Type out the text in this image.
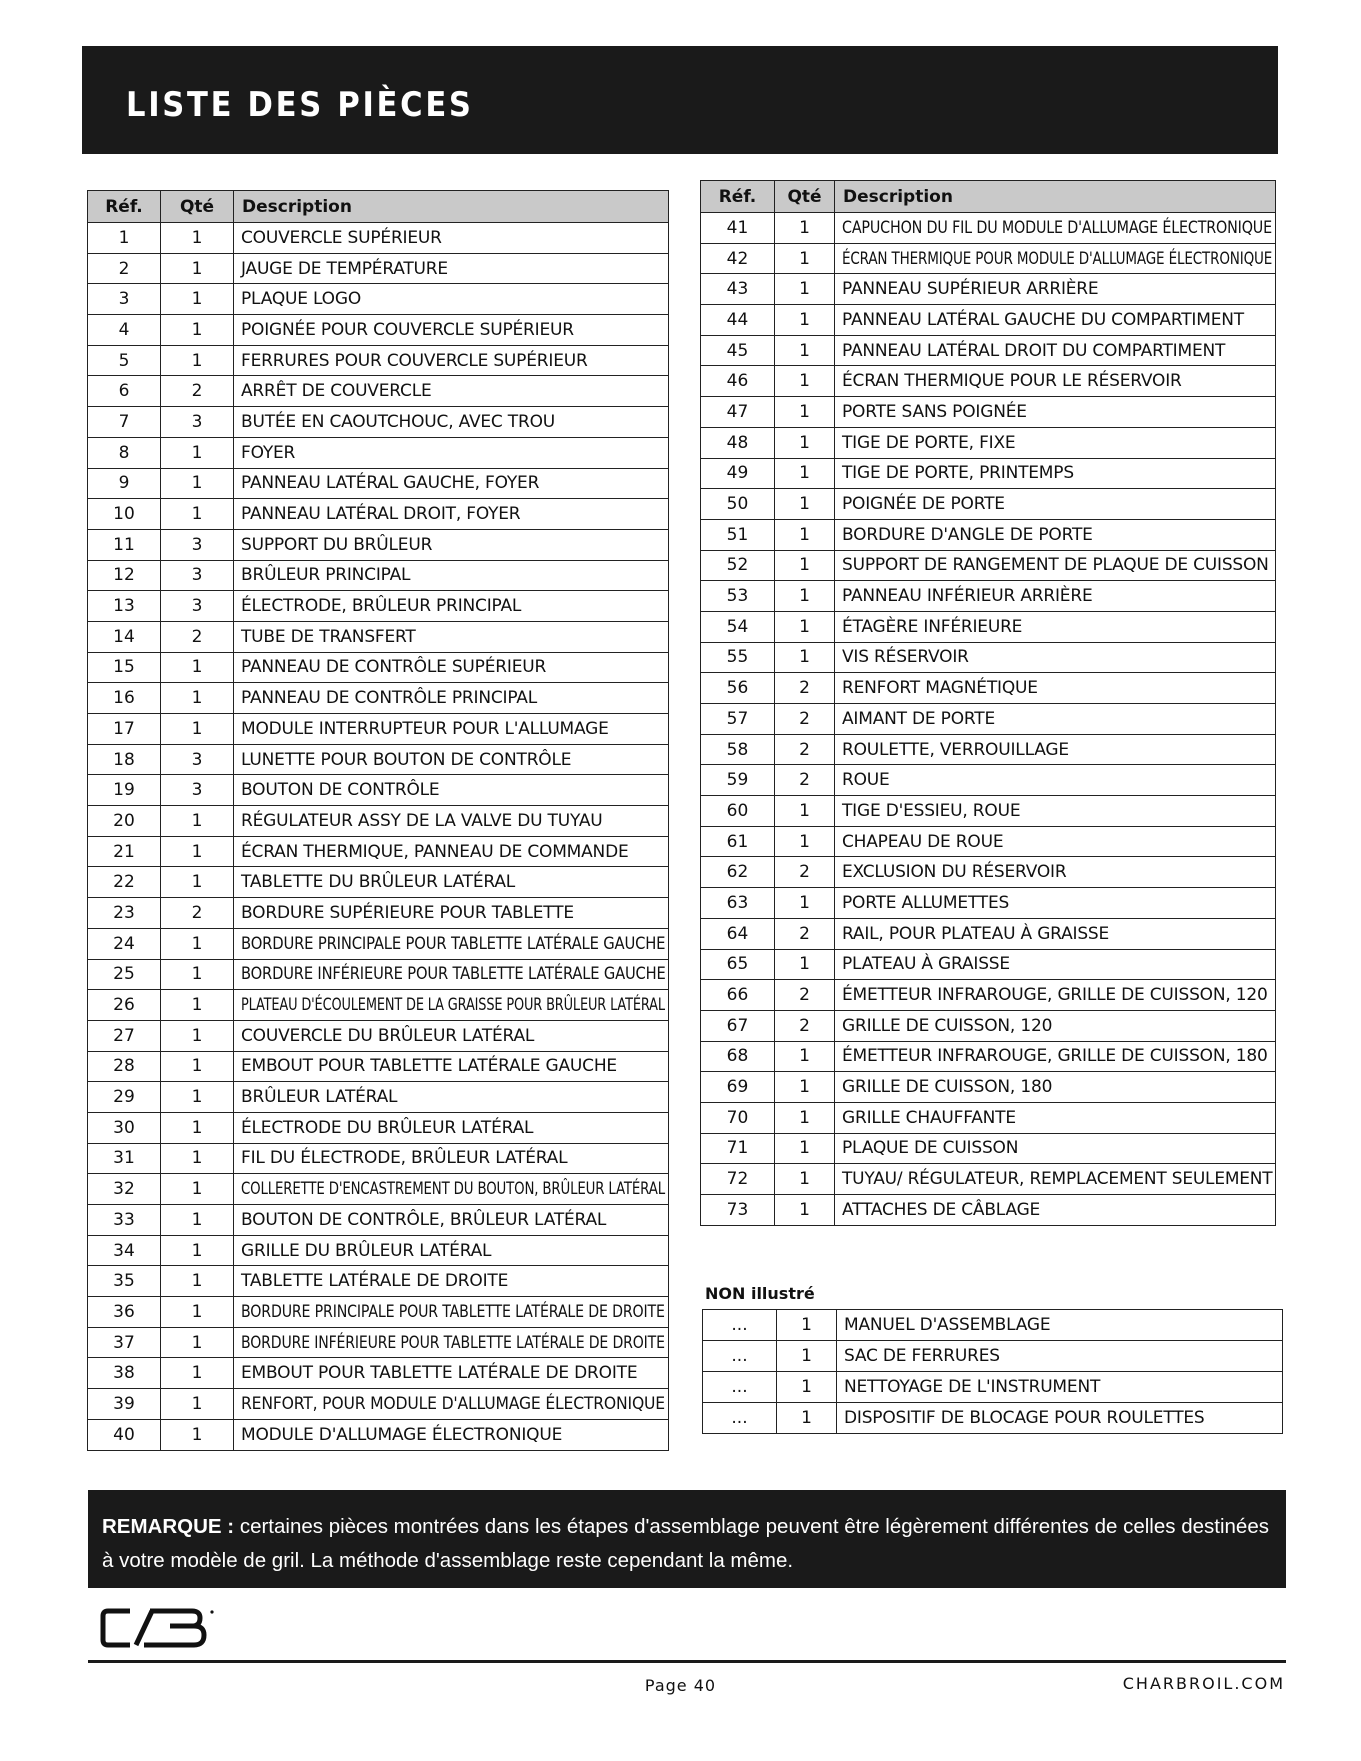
LISTE DES PIÈCES
Réf.	Qté	Description
1	1	COUVERCLE SUPÉRIEUR
2	1	JAUGE DE TEMPÉRATURE
3	1	PLAQUE LOGO
4	1	POIGNÉE POUR COUVERCLE SUPÉRIEUR
5	1	FERRURES POUR COUVERCLE SUPÉRIEUR
6	2	ARRÊT DE COUVERCLE
7	3	BUTÉE EN CAOUTCHOUC, AVEC TROU
8	1	FOYER
9	1	PANNEAU LATÉRAL GAUCHE, FOYER
10	1	PANNEAU LATÉRAL DROIT, FOYER
11	3	SUPPORT DU BRÛLEUR
12	3	BRÛLEUR PRINCIPAL
13	3	ÉLECTRODE, BRÛLEUR PRINCIPAL
14	2	TUBE DE TRANSFERT
15	1	PANNEAU DE CONTRÔLE SUPÉRIEUR
16	1	PANNEAU DE CONTRÔLE PRINCIPAL
17	1	MODULE INTERRUPTEUR POUR L'ALLUMAGE
18	3	LUNETTE POUR BOUTON DE CONTRÔLE
19	3	BOUTON DE CONTRÔLE
20	1	RÉGULATEUR ASSY DE LA VALVE DU TUYAU
21	1	ÉCRAN THERMIQUE, PANNEAU DE COMMANDE
22	1	TABLETTE DU BRÛLEUR LATÉRAL
23	2	BORDURE SUPÉRIEURE POUR TABLETTE
24	1	BORDURE PRINCIPALE POUR TABLETTE LATÉRALE GAUCHE
25	1	BORDURE INFÉRIEURE POUR TABLETTE LATÉRALE GAUCHE
26	1	PLATEAU D'ÉCOULEMENT DE LA GRAISSE POUR BRÛLEUR LATÉRAL
27	1	COUVERCLE DU BRÛLEUR LATÉRAL
28	1	EMBOUT POUR TABLETTE LATÉRALE GAUCHE
29	1	BRÛLEUR LATÉRAL
30	1	ÉLECTRODE DU BRÛLEUR LATÉRAL
31	1	FIL DU ÉLECTRODE, BRÛLEUR LATÉRAL
32	1	COLLERETTE D'ENCASTREMENT DU BOUTON, BRÛLEUR LATÉRAL
33	1	BOUTON DE CONTRÔLE, BRÛLEUR LATÉRAL
34	1	GRILLE DU BRÛLEUR LATÉRAL
35	1	TABLETTE LATÉRALE DE DROITE
36	1	BORDURE PRINCIPALE POUR TABLETTE LATÉRALE DE DROITE
37	1	BORDURE INFÉRIEURE POUR TABLETTE LATÉRALE DE DROITE
38	1	EMBOUT POUR TABLETTE LATÉRALE DE DROITE
39	1	RENFORT, POUR MODULE D'ALLUMAGE ÉLECTRONIQUE
40	1	MODULE D'ALLUMAGE ÉLECTRONIQUE
Réf.	Qté	Description
41	1	CAPUCHON DU FIL DU MODULE D'ALLUMAGE ÉLECTRONIQUE
42	1	ÉCRAN THERMIQUE POUR MODULE D'ALLUMAGE ÉLECTRONIQUE
43	1	PANNEAU SUPÉRIEUR ARRIÈRE
44	1	PANNEAU LATÉRAL GAUCHE DU COMPARTIMENT
45	1	PANNEAU LATÉRAL DROIT DU COMPARTIMENT
46	1	ÉCRAN THERMIQUE POUR LE RÉSERVOIR
47	1	PORTE SANS POIGNÉE
48	1	TIGE DE PORTE, FIXE
49	1	TIGE DE PORTE, PRINTEMPS
50	1	POIGNÉE DE PORTE
51	1	BORDURE D'ANGLE DE PORTE
52	1	SUPPORT DE RANGEMENT DE PLAQUE DE CUISSON
53	1	PANNEAU INFÉRIEUR ARRIÈRE
54	1	ÉTAGÈRE INFÉRIEURE
55	1	VIS RÉSERVOIR
56	2	RENFORT MAGNÉTIQUE
57	2	AIMANT DE PORTE
58	2	ROULETTE, VERROUILLAGE
59	2	ROUE
60	1	TIGE D'ESSIEU, ROUE
61	1	CHAPEAU DE ROUE
62	2	EXCLUSION DU RÉSERVOIR
63	1	PORTE ALLUMETTES
64	2	RAIL, POUR PLATEAU À GRAISSE
65	1	PLATEAU À GRAISSE
66	2	ÉMETTEUR INFRAROUGE, GRILLE DE CUISSON, 120
67	2	GRILLE DE CUISSON, 120
68	1	ÉMETTEUR INFRAROUGE, GRILLE DE CUISSON, 180
69	1	GRILLE DE CUISSON, 180
70	1	GRILLE CHAUFFANTE
71	1	PLAQUE DE CUISSON
72	1	TUYAU/ RÉGULATEUR, REMPLACEMENT SEULEMENT
73	1	ATTACHES DE CÂBLAGE
NON illustré
...	1	MANUEL D'ASSEMBLAGE
...	1	SAC DE FERRURES
...	1	NETTOYAGE DE L'INSTRUMENT
...	1	DISPOSITIF DE BLOCAGE POUR ROULETTES
REMARQUE : certaines pièces montrées dans les étapes d'assemblage peuvent être légèrement différentes de celles destinées à votre modèle de gril. La méthode d'assemblage reste cependant la même.
Page 40	CHARBROIL.COM
